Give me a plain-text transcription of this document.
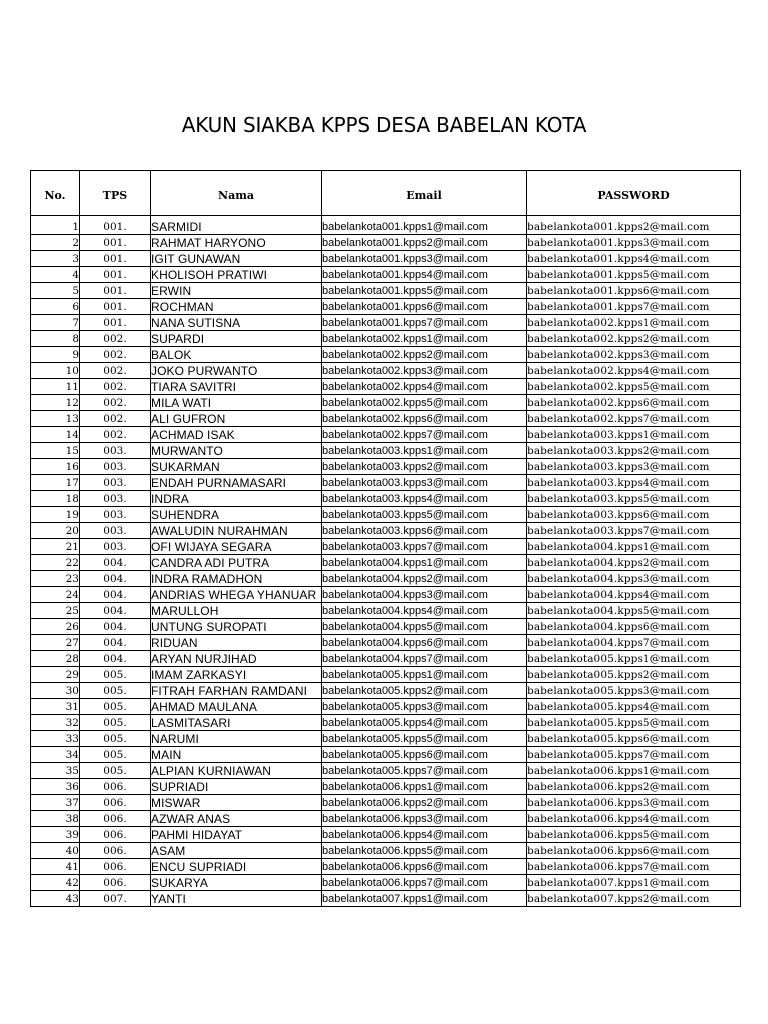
AKUN SIAKBA KPPS DESA BABELAN KOTA
No.	TPS	Nama	Email	PASSWORD
1	001.	SARMIDI	babelankota001.kpps1@mail.com	babelankota001.kpps2@mail.com
2	001.	RAHMAT HARYONO	babelankota001.kpps2@mail.com	babelankota001.kpps3@mail.com
3	001.	IGIT GUNAWAN	babelankota001.kpps3@mail.com	babelankota001.kpps4@mail.com
4	001.	KHOLISOH PRATIWI	babelankota001.kpps4@mail.com	babelankota001.kpps5@mail.com
5	001.	ERWIN	babelankota001.kpps5@mail.com	babelankota001.kpps6@mail.com
6	001.	ROCHMAN	babelankota001.kpps6@mail.com	babelankota001.kpps7@mail.com
7	001.	NANA SUTISNA	babelankota001.kpps7@mail.com	babelankota002.kpps1@mail.com
8	002.	SUPARDI	babelankota002.kpps1@mail.com	babelankota002.kpps2@mail.com
9	002.	BALOK	babelankota002.kpps2@mail.com	babelankota002.kpps3@mail.com
10	002.	JOKO PURWANTO	babelankota002.kpps3@mail.com	babelankota002.kpps4@mail.com
11	002.	TIARA SAVITRI	babelankota002.kpps4@mail.com	babelankota002.kpps5@mail.com
12	002.	MILA WATI	babelankota002.kpps5@mail.com	babelankota002.kpps6@mail.com
13	002.	ALI GUFRON	babelankota002.kpps6@mail.com	babelankota002.kpps7@mail.com
14	002.	ACHMAD ISAK	babelankota002.kpps7@mail.com	babelankota003.kpps1@mail.com
15	003.	MURWANTO	babelankota003.kpps1@mail.com	babelankota003.kpps2@mail.com
16	003.	SUKARMAN	babelankota003.kpps2@mail.com	babelankota003.kpps3@mail.com
17	003.	ENDAH PURNAMASARI	babelankota003.kpps3@mail.com	babelankota003.kpps4@mail.com
18	003.	INDRA	babelankota003.kpps4@mail.com	babelankota003.kpps5@mail.com
19	003.	SUHENDRA	babelankota003.kpps5@mail.com	babelankota003.kpps6@mail.com
20	003.	AWALUDIN NURAHMAN	babelankota003.kpps6@mail.com	babelankota003.kpps7@mail.com
21	003.	OFI WIJAYA SEGARA	babelankota003.kpps7@mail.com	babelankota004.kpps1@mail.com
22	004.	CANDRA ADI PUTRA	babelankota004.kpps1@mail.com	babelankota004.kpps2@mail.com
23	004.	INDRA RAMADHON	babelankota004.kpps2@mail.com	babelankota004.kpps3@mail.com
24	004.	ANDRIAS WHEGA YHANUAR	babelankota004.kpps3@mail.com	babelankota004.kpps4@mail.com
25	004.	MARULLOH	babelankota004.kpps4@mail.com	babelankota004.kpps5@mail.com
26	004.	UNTUNG SUROPATI	babelankota004.kpps5@mail.com	babelankota004.kpps6@mail.com
27	004.	RIDUAN	babelankota004.kpps6@mail.com	babelankota004.kpps7@mail.com
28	004.	ARYAN NURJIHAD	babelankota004.kpps7@mail.com	babelankota005.kpps1@mail.com
29	005.	IMAM ZARKASYI	babelankota005.kpps1@mail.com	babelankota005.kpps2@mail.com
30	005.	FITRAH FARHAN RAMDANI	babelankota005.kpps2@mail.com	babelankota005.kpps3@mail.com
31	005.	AHMAD MAULANA	babelankota005.kpps3@mail.com	babelankota005.kpps4@mail.com
32	005.	LASMITASARI	babelankota005.kpps4@mail.com	babelankota005.kpps5@mail.com
33	005.	NARUMI	babelankota005.kpps5@mail.com	babelankota005.kpps6@mail.com
34	005.	MAIN	babelankota005.kpps6@mail.com	babelankota005.kpps7@mail.com
35	005.	ALPIAN KURNIAWAN	babelankota005.kpps7@mail.com	babelankota006.kpps1@mail.com
36	006.	SUPRIADI	babelankota006.kpps1@mail.com	babelankota006.kpps2@mail.com
37	006.	MISWAR	babelankota006.kpps2@mail.com	babelankota006.kpps3@mail.com
38	006.	AZWAR ANAS	babelankota006.kpps3@mail.com	babelankota006.kpps4@mail.com
39	006.	PAHMI HIDAYAT	babelankota006.kpps4@mail.com	babelankota006.kpps5@mail.com
40	006.	ASAM	babelankota006.kpps5@mail.com	babelankota006.kpps6@mail.com
41	006.	ENCU SUPRIADI	babelankota006.kpps6@mail.com	babelankota006.kpps7@mail.com
42	006.	SUKARYA	babelankota006.kpps7@mail.com	babelankota007.kpps1@mail.com
43	007.	YANTI	babelankota007.kpps1@mail.com	babelankota007.kpps2@mail.com
